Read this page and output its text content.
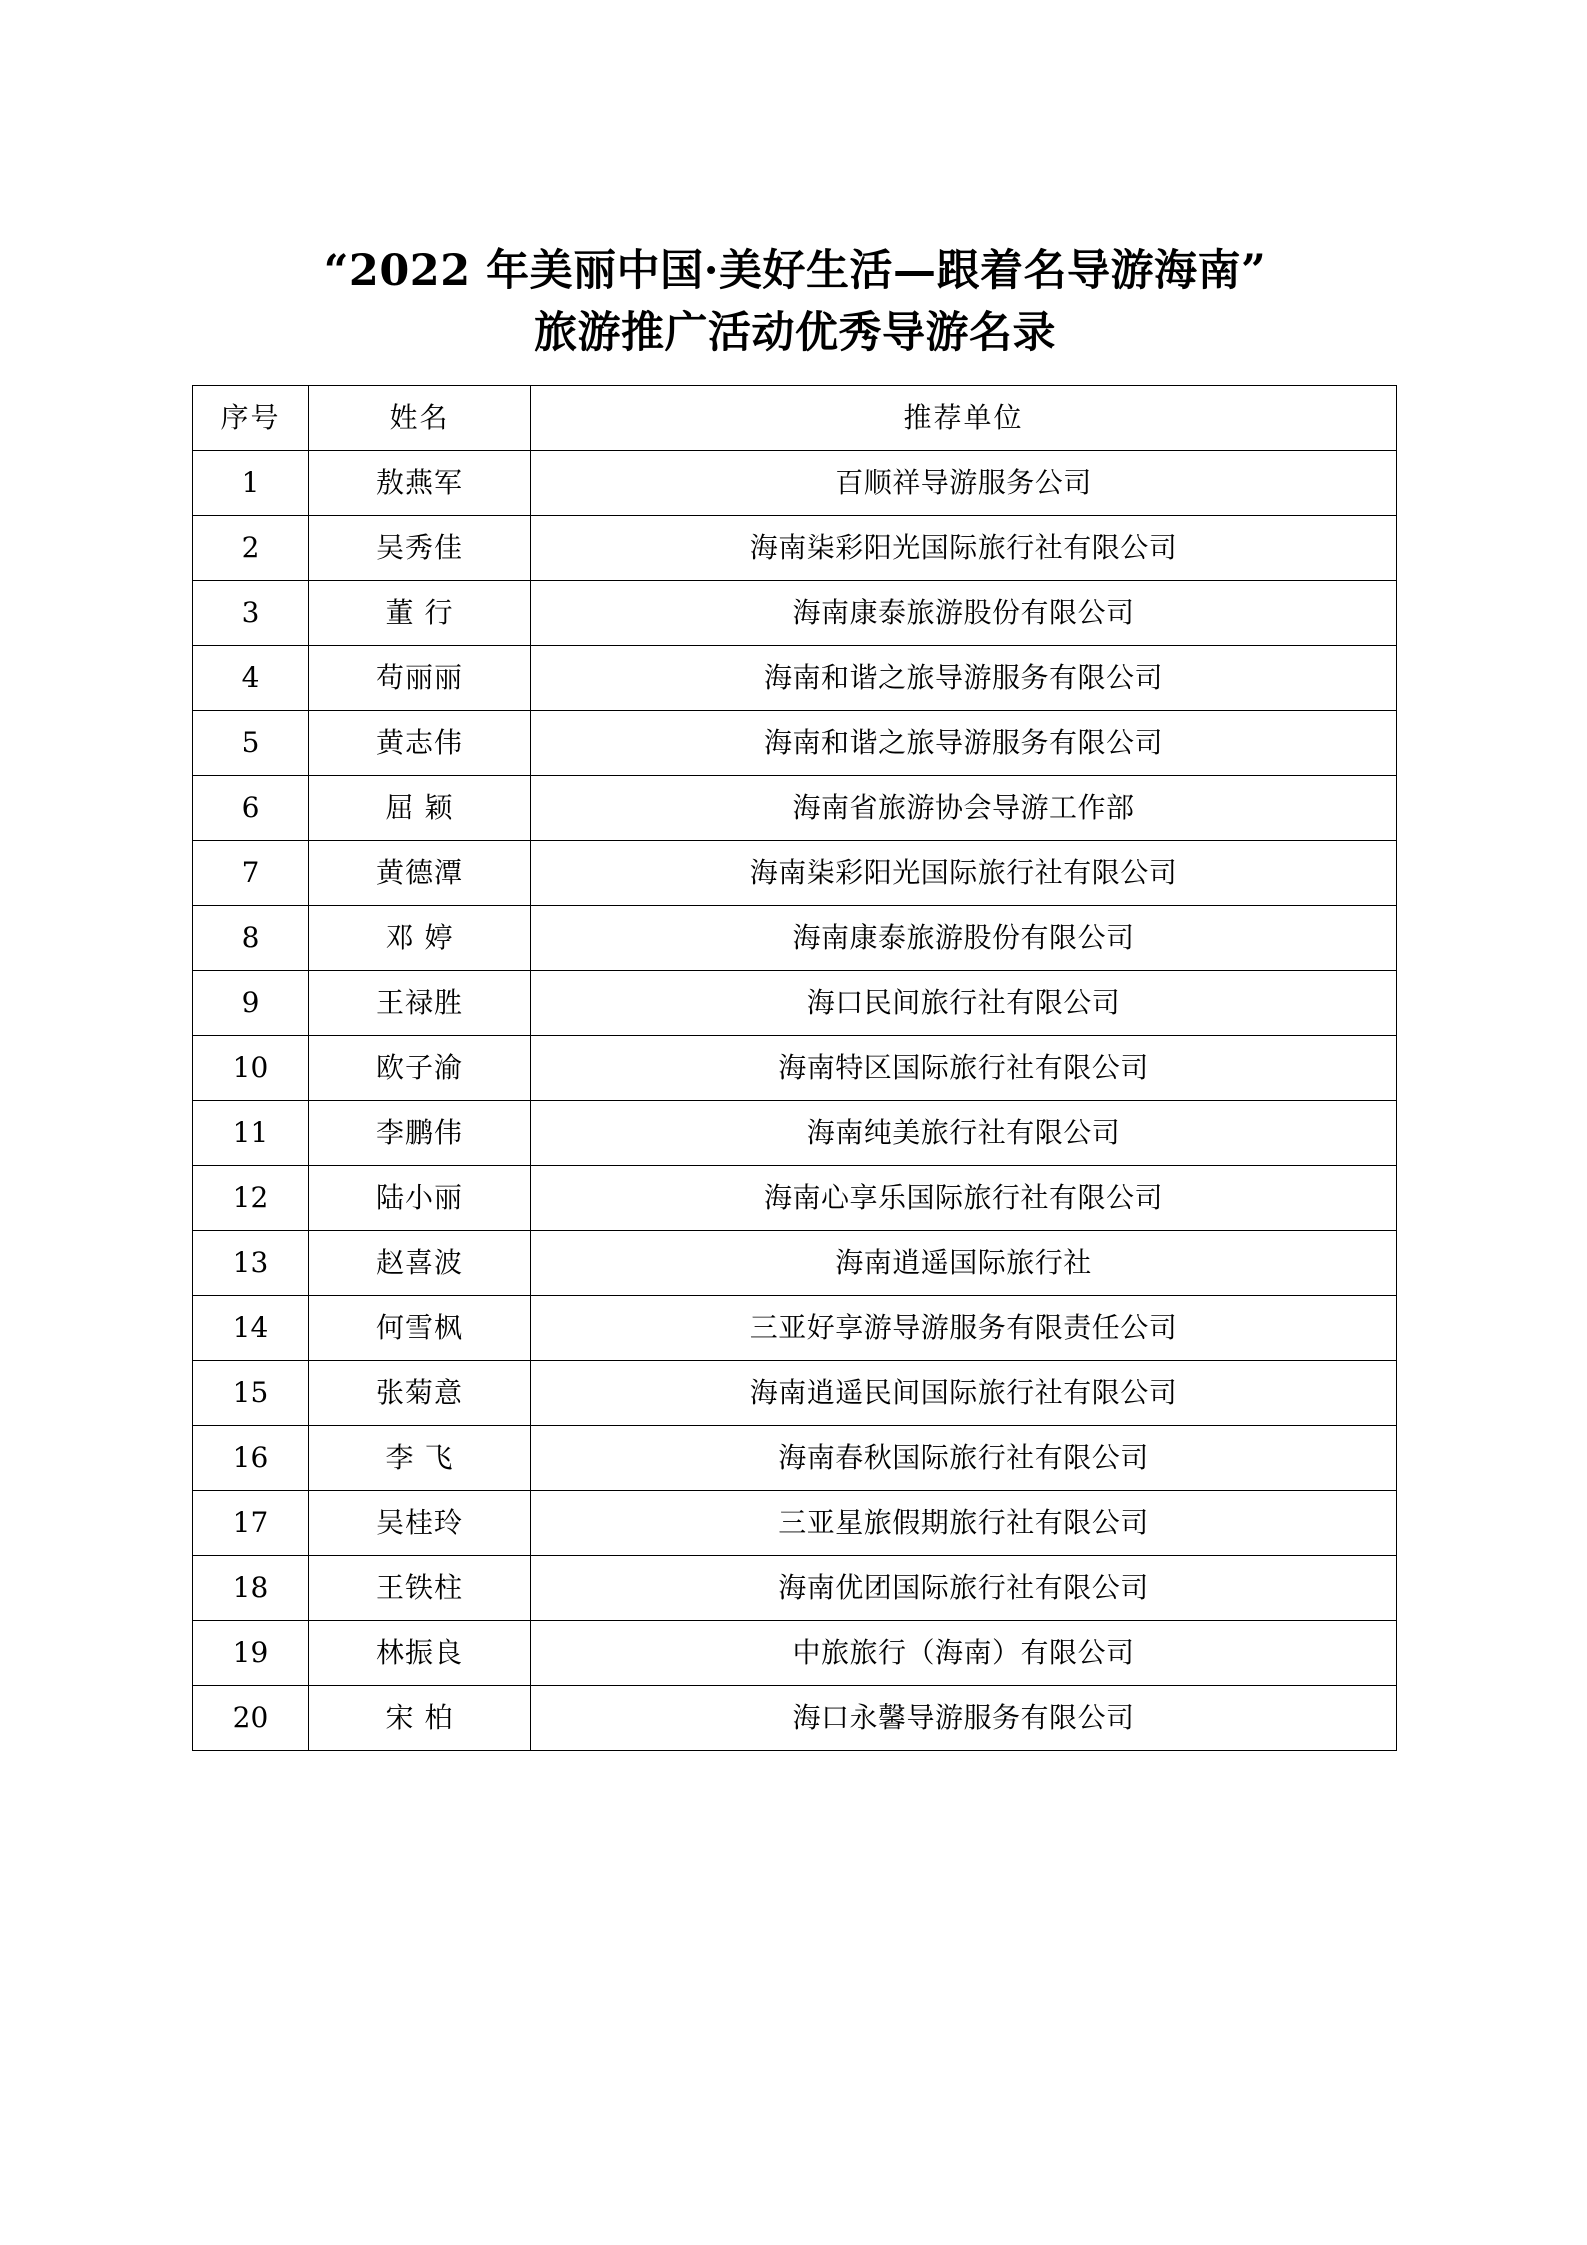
“2022 年美丽中国·美好生活—跟着名导游海南”
旅游推广活动优秀导游名录
序号	姓名	推荐单位
1	敖燕军	百顺祥导游服务公司
2	吴秀佳	海南柒彩阳光国际旅行社有限公司
3	董 行	海南康泰旅游股份有限公司
4	苟丽丽	海南和谐之旅导游服务有限公司
5	黄志伟	海南和谐之旅导游服务有限公司
6	屈 颖	海南省旅游协会导游工作部
7	黄德潭	海南柒彩阳光国际旅行社有限公司
8	邓 婷	海南康泰旅游股份有限公司
9	王禄胜	海口民间旅行社有限公司
10	欧子渝	海南特区国际旅行社有限公司
11	李鹏伟	海南纯美旅行社有限公司
12	陆小丽	海南心享乐国际旅行社有限公司
13	赵喜波	海南逍遥国际旅行社
14	何雪枫	三亚好享游导游服务有限责任公司
15	张菊意	海南逍遥民间国际旅行社有限公司
16	李 飞	海南春秋国际旅行社有限公司
17	吴桂玲	三亚星旅假期旅行社有限公司
18	王铁柱	海南优团国际旅行社有限公司
19	林振良	中旅旅行（海南）有限公司
20	宋 柏	海口永馨导游服务有限公司
